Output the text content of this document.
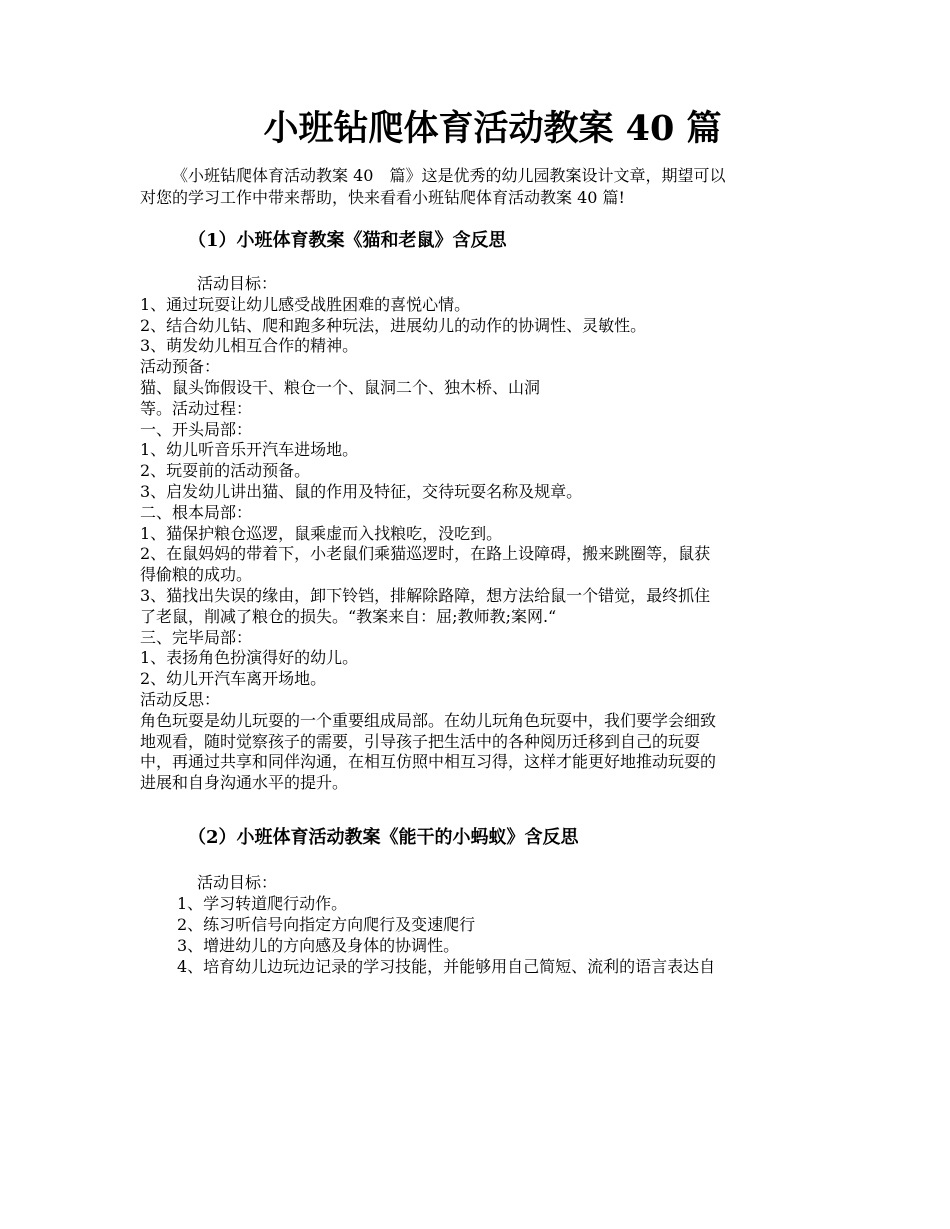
小班钻爬体育活动教案 40 篇

《小班钻爬体育活动教案 40　篇》这是优秀的幼儿园教案设计文章，期望可以

对您的学习工作中带来帮助，快来看看小班钻爬体育活动教案 40 篇!

（1）小班体育教案《猫和老鼠》含反思

活动目标：

1、通过玩耍让幼儿感受战胜困难的喜悦心情。

2、结合幼儿钻、爬和跑多种玩法，进展幼儿的动作的协调性、灵敏性。

3、萌发幼儿相互合作的精神。

活动预备：

猫、鼠头饰假设干、粮仓一个、鼠洞二个、独木桥、山洞

等。活动过程：

一、开头局部：

1、幼儿听音乐开汽车进场地。

2、玩耍前的活动预备。

3、启发幼儿讲出猫、鼠的作用及特征，交待玩耍名称及规章。

二、根本局部：

1、猫保护粮仓巡逻，鼠乘虚而入找粮吃，没吃到。

2、在鼠妈妈的带着下，小老鼠们乘猫巡逻时，在路上设障碍，搬来跳圈等，鼠获

得偷粮的成功。

3、猫找出失误的缘由，卸下铃铛，排解除路障，想方法给鼠一个错觉，最终抓住

了老鼠，削减了粮仓的损失。“教案来自：屈;教师教;案网.“

三、完毕局部：

1、表扬角色扮演得好的幼儿。

2、幼儿开汽车离开场地。

活动反思：

角色玩耍是幼儿玩耍的一个重要组成局部。在幼儿玩角色玩耍中，我们要学会细致

地观看，随时觉察孩子的需要，引导孩子把生活中的各种阅历迁移到自己的玩耍

中，再通过共享和同伴沟通，在相互仿照中相互习得，这样才能更好地推动玩耍的

进展和自身沟通水平的提升。

（2）小班体育活动教案《能干的小蚂蚁》含反思

活动目标：

1、学习转道爬行动作。

2、练习听信号向指定方向爬行及变速爬行

3、增进幼儿的方向感及身体的协调性。

4、培育幼儿边玩边记录的学习技能，并能够用自己简短、流利的语言表达自
